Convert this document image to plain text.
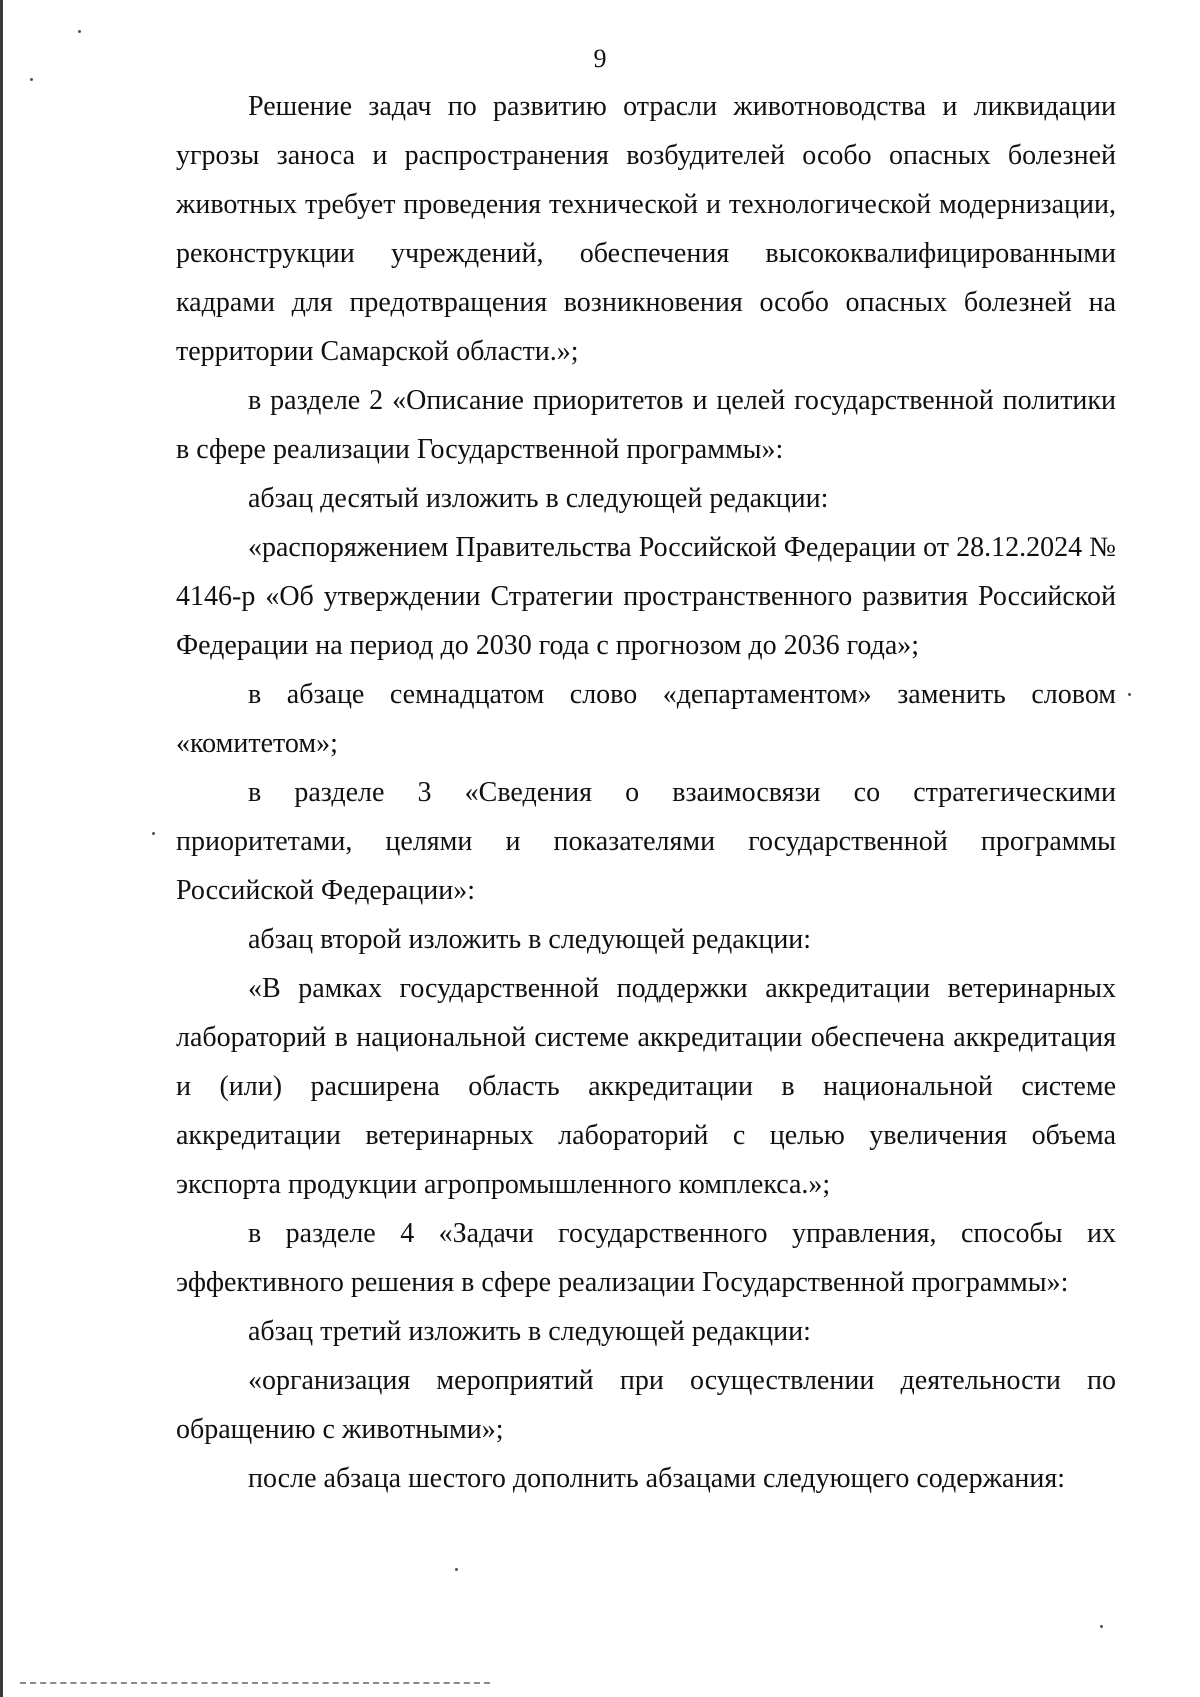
9

Решение задач по развитию отрасли животноводства и ликвидации угрозы заноса и распространения возбудителей особо опасных болезней животных требует проведения технической и технологической модернизации, реконструкции учреждений, обеспечения высококвалифицированными кадрами для предотвращения возникновения особо опасных болезней на территории Самарской области.»;

в разделе 2 «Описание приоритетов и целей государственной политики в сфере реализации Государственной программы»:

абзац десятый изложить в следующей редакции:

«распоряжением Правительства Российской Федерации от 28.12.2024 № 4146-р «Об утверждении Стратегии пространственного развития Российской Федерации на период до 2030 года с прогнозом до 2036 года»;

в абзаце семнадцатом слово «департаментом» заменить словом «комитетом»;

в разделе 3 «Сведения о взаимосвязи со стратегическими приоритетами, целями и показателями государственной программы Российской Федерации»:

абзац второй изложить в следующей редакции:

«В рамках государственной поддержки аккредитации ветеринарных лабораторий в национальной системе аккредитации обеспечена аккредитация и (или) расширена область аккредитации в национальной системе аккредитации ветеринарных лабораторий с целью увеличения объема экспорта продукции агропромышленного комплекса.»;

в разделе 4 «Задачи государственного управления, способы их эффективного решения в сфере реализации Государственной программы»:

абзац третий изложить в следующей редакции:

«организация мероприятий при осуществлении деятельности по обращению с животными»;

после абзаца шестого дополнить абзацами следующего содержания:
